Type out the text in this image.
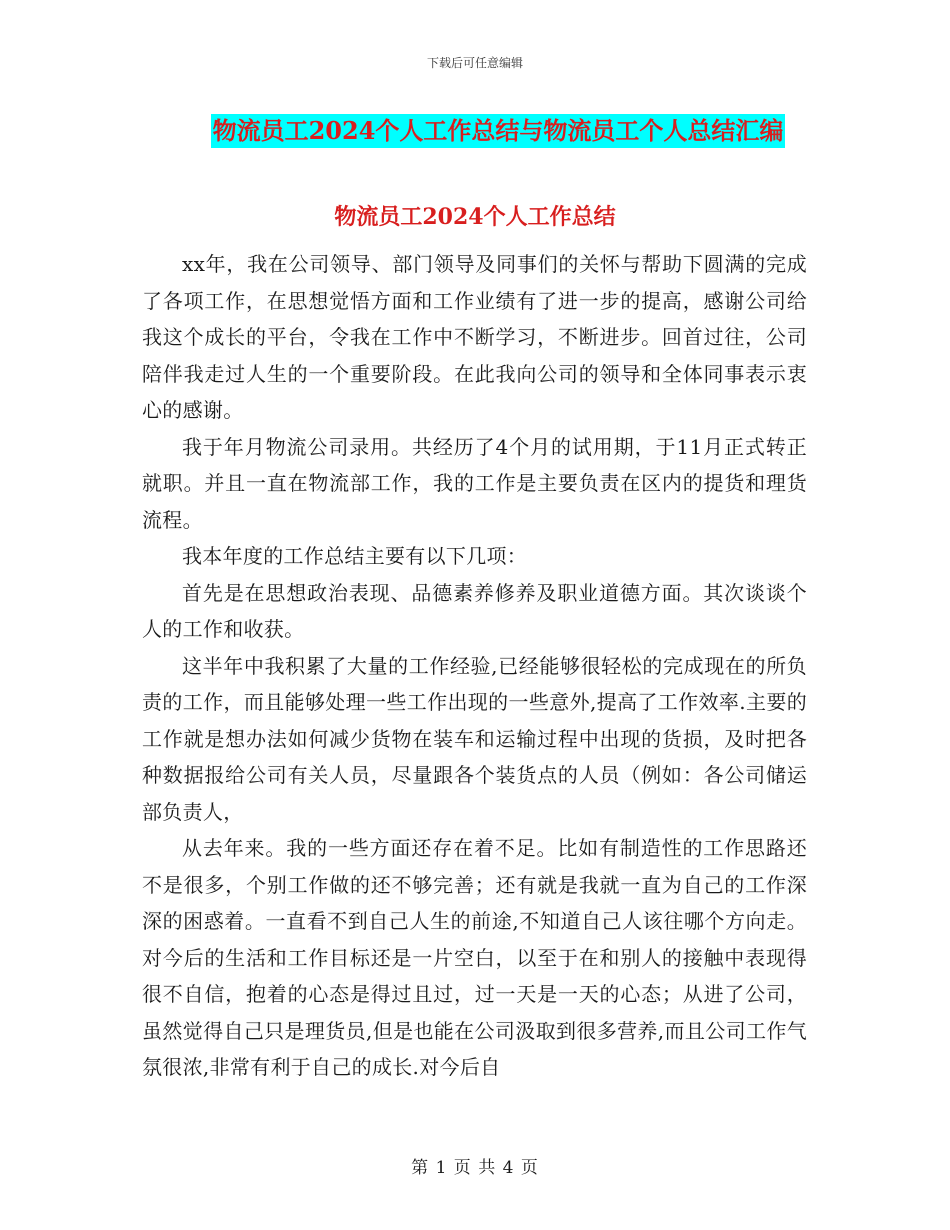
下载后可任意编辑
物流员工2024个人工作总结与物流员工个人总结汇编
物流员工2024个人工作总结

xx年，我在公司领导、部门领导及同事们的关怀与帮助下圆满的完成了各项工作，在思想觉悟方面和工作业绩有了进一步的提高，感谢公司给我这个成长的平台，令我在工作中不断学习，不断进步。回首过往，公司陪伴我走过人生的一个重要阶段。在此我向公司的领导和全体同事表示衷心的感谢。

我于年月物流公司录用。共经历了4个月的试用期，于11月正式转正就职。并且一直在物流部工作，我的工作是主要负责在区内的提货和理货流程。

我本年度的工作总结主要有以下几项：

首先是在思想政治表现、品德素养修养及职业道德方面。其次谈谈个人的工作和收获。

这半年中我积累了大量的工作经验,已经能够很轻松的完成现在的所负责的工作，而且能够处理一些工作出现的一些意外,提高了工作效率.主要的工作就是想办法如何减少货物在装车和运输过程中出现的货损，及时把各种数据报给公司有关人员，尽量跟各个装货点的人员（例如：各公司储运部负责人，

从去年来。我的一些方面还存在着不足。比如有制造性的工作思路还不是很多，个别工作做的还不够完善；还有就是我就一直为自己的工作深深的困惑着。一直看不到自己人生的前途,不知道自己人该往哪个方向走。对今后的生活和工作目标还是一片空白，以至于在和别人的接触中表现得很不自信，抱着的心态是得过且过，过一天是一天的心态；从进了公司，虽然觉得自己只是理货员,但是也能在公司汲取到很多营养,而且公司工作气氛很浓,非常有利于自己的成长.对今后自

第 1 页 共 4 页
